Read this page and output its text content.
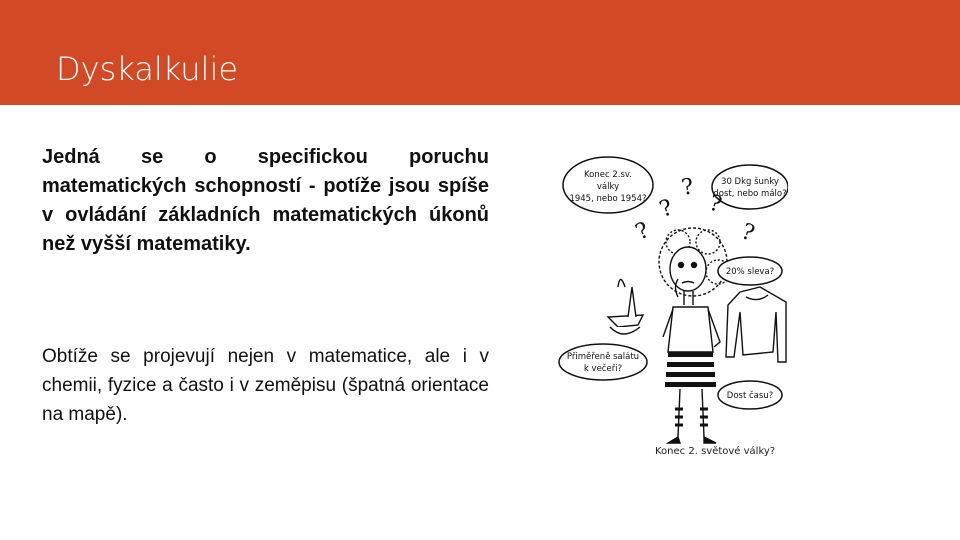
Dyskalkulie

Jedná se o specifickou poruchu matematických schopností - potíže jsou spíše v ovládání základních matematických úkonů než vyšší matematiky.

Obtíže se projevují nejen v matematice, ale i v chemii, fyzice a často i v zeměpisu (špatná orientace na mapě).

Konec 2.sv.
války
1945, nebo 1954?
30 Dkg šunky
dost, nebo málo?
?
? ?
?	?
20% sleva?
Přiměřeně salátu
k večeři?
Dost času?
Konec 2. světové války?
